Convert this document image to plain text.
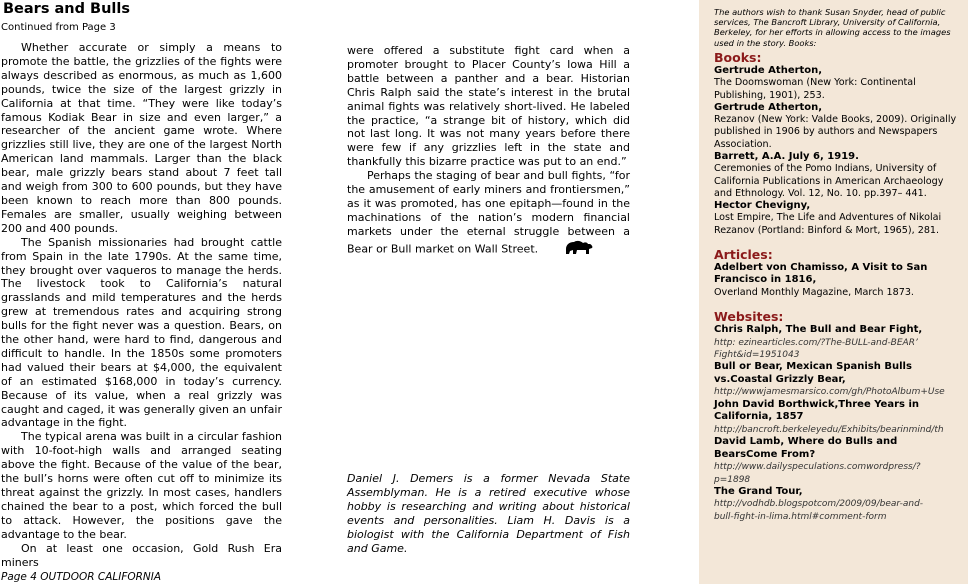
Bears and Bulls
Continued from Page 3

Whether accurate or simply a means to promote the battle, the grizzlies of the fights were always described as enormous, as much as 1,600 pounds, twice the size of the largest grizzly in California at that time. “They were like today’s famous Kodiak Bear in size and even larger,” a researcher of the ancient game wrote. Where grizzlies still live, they are one of the largest North American land mammals. Larger than the black bear, male grizzly bears stand about 7 feet tall and weigh from 300 to 600 pounds, but they have been known to reach more than 800 pounds. Females are smaller, usually weighing between 200 and 400 pounds.

The Spanish missionaries had brought cattle from Spain in the late 1790s. At the same time, they brought over vaqueros to manage the herds. The livestock took to California’s natural grasslands and mild temperatures and the herds grew at tremendous rates and acquiring strong bulls for the fight never was a question. Bears, on the other hand, were hard to find, dangerous and difficult to handle. In the 1850s some promoters had valued their bears at $4,000, the equivalent of an estimated $168,000 in today’s currency. Because of its value, when a real grizzly was caught and caged, it was generally given an unfair advantage in the fight.

The typical arena was built in a circular fashion with 10-foot-high walls and arranged seating above the fight. Because of the value of the bear, the bull’s horns were often cut off to minimize its threat against the grizzly. In most cases, handlers chained the bear to a post, which forced the bull to attack. However, the positions gave the advantage to the bear.

On at least one occasion, Gold Rush Era miners

were offered a substitute fight card when a promoter brought to Placer County’s Iowa Hill a battle between a panther and a bear. Historian Chris Ralph said the state’s interest in the brutal animal fights was relatively short-lived. He labeled the practice, “a strange bit of history, which did not last long. It was not many years before there were few if any grizzlies left in the state and thankfully this bizarre practice was put to an end.”

Perhaps the staging of bear and bull fights, “for the amusement of early miners and frontiersmen,” as it was promoted, has one epitaph—found in the machinations of the nation’s modern financial markets under the eternal struggle between a Bear or Bull market on Wall Street.

Daniel J. Demers is a former Nevada State Assemblyman. He is a retired executive whose hobby is researching and writing about historical events and personalities. Liam H. Davis is a biologist with the California Department of Fish and Game.
Page 4 OUTDOOR CALIFORNIA

The authors wish to thank Susan Snyder, head of public services, The Bancroft Library, University of California, Berkeley, for her efforts in allowing access to the images used in the story. Books:

Books:

Gertrude Atherton,

The Doomswoman (New York: Continental Publishing, 1901), 253.

Gertrude Atherton,

Rezanov (New York: Valde Books, 2009). Originally published in 1906 by authors and Newspapers Association.

Barrett, A.A. July 6, 1919.

Ceremonies of the Pomo Indians, University of California Publications in American Archaeology and Ethnology. Vol. 12, No. 10. pp.397– 441.

Hector Chevigny,

Lost Empire, The Life and Adventures of Nikolai Rezanov (Portland: Binford & Mort, 1965), 281.

Articles:

Adelbert von Chamisso, A Visit to San Francisco in 1816,

Overland Monthly Magazine, March 1873.

Websites:

Chris Ralph, The Bull and Bear Fight,

http: ezinearticles.com/?The-BULL-and-BEAR’
Fight&id=1951043

Bull or Bear, Mexican Spanish Bulls vs.Coastal Grizzly Bear,

http://wwwjamesmarsico.com/gh/PhotoAlbum+Use

John David Borthwick,Three Years in California, 1857

http://bancroft.berkeleyedu/Exhibits/bearinmind/th

David Lamb, Where do Bulls and BearsCome From?

http://www.dailyspeculations.comwordpress/?
p=1898

The Grand Tour,

http://vodhdb.blogspotcom/2009/09/bear-and-
bull-fight-in-lima.html#comment-form
